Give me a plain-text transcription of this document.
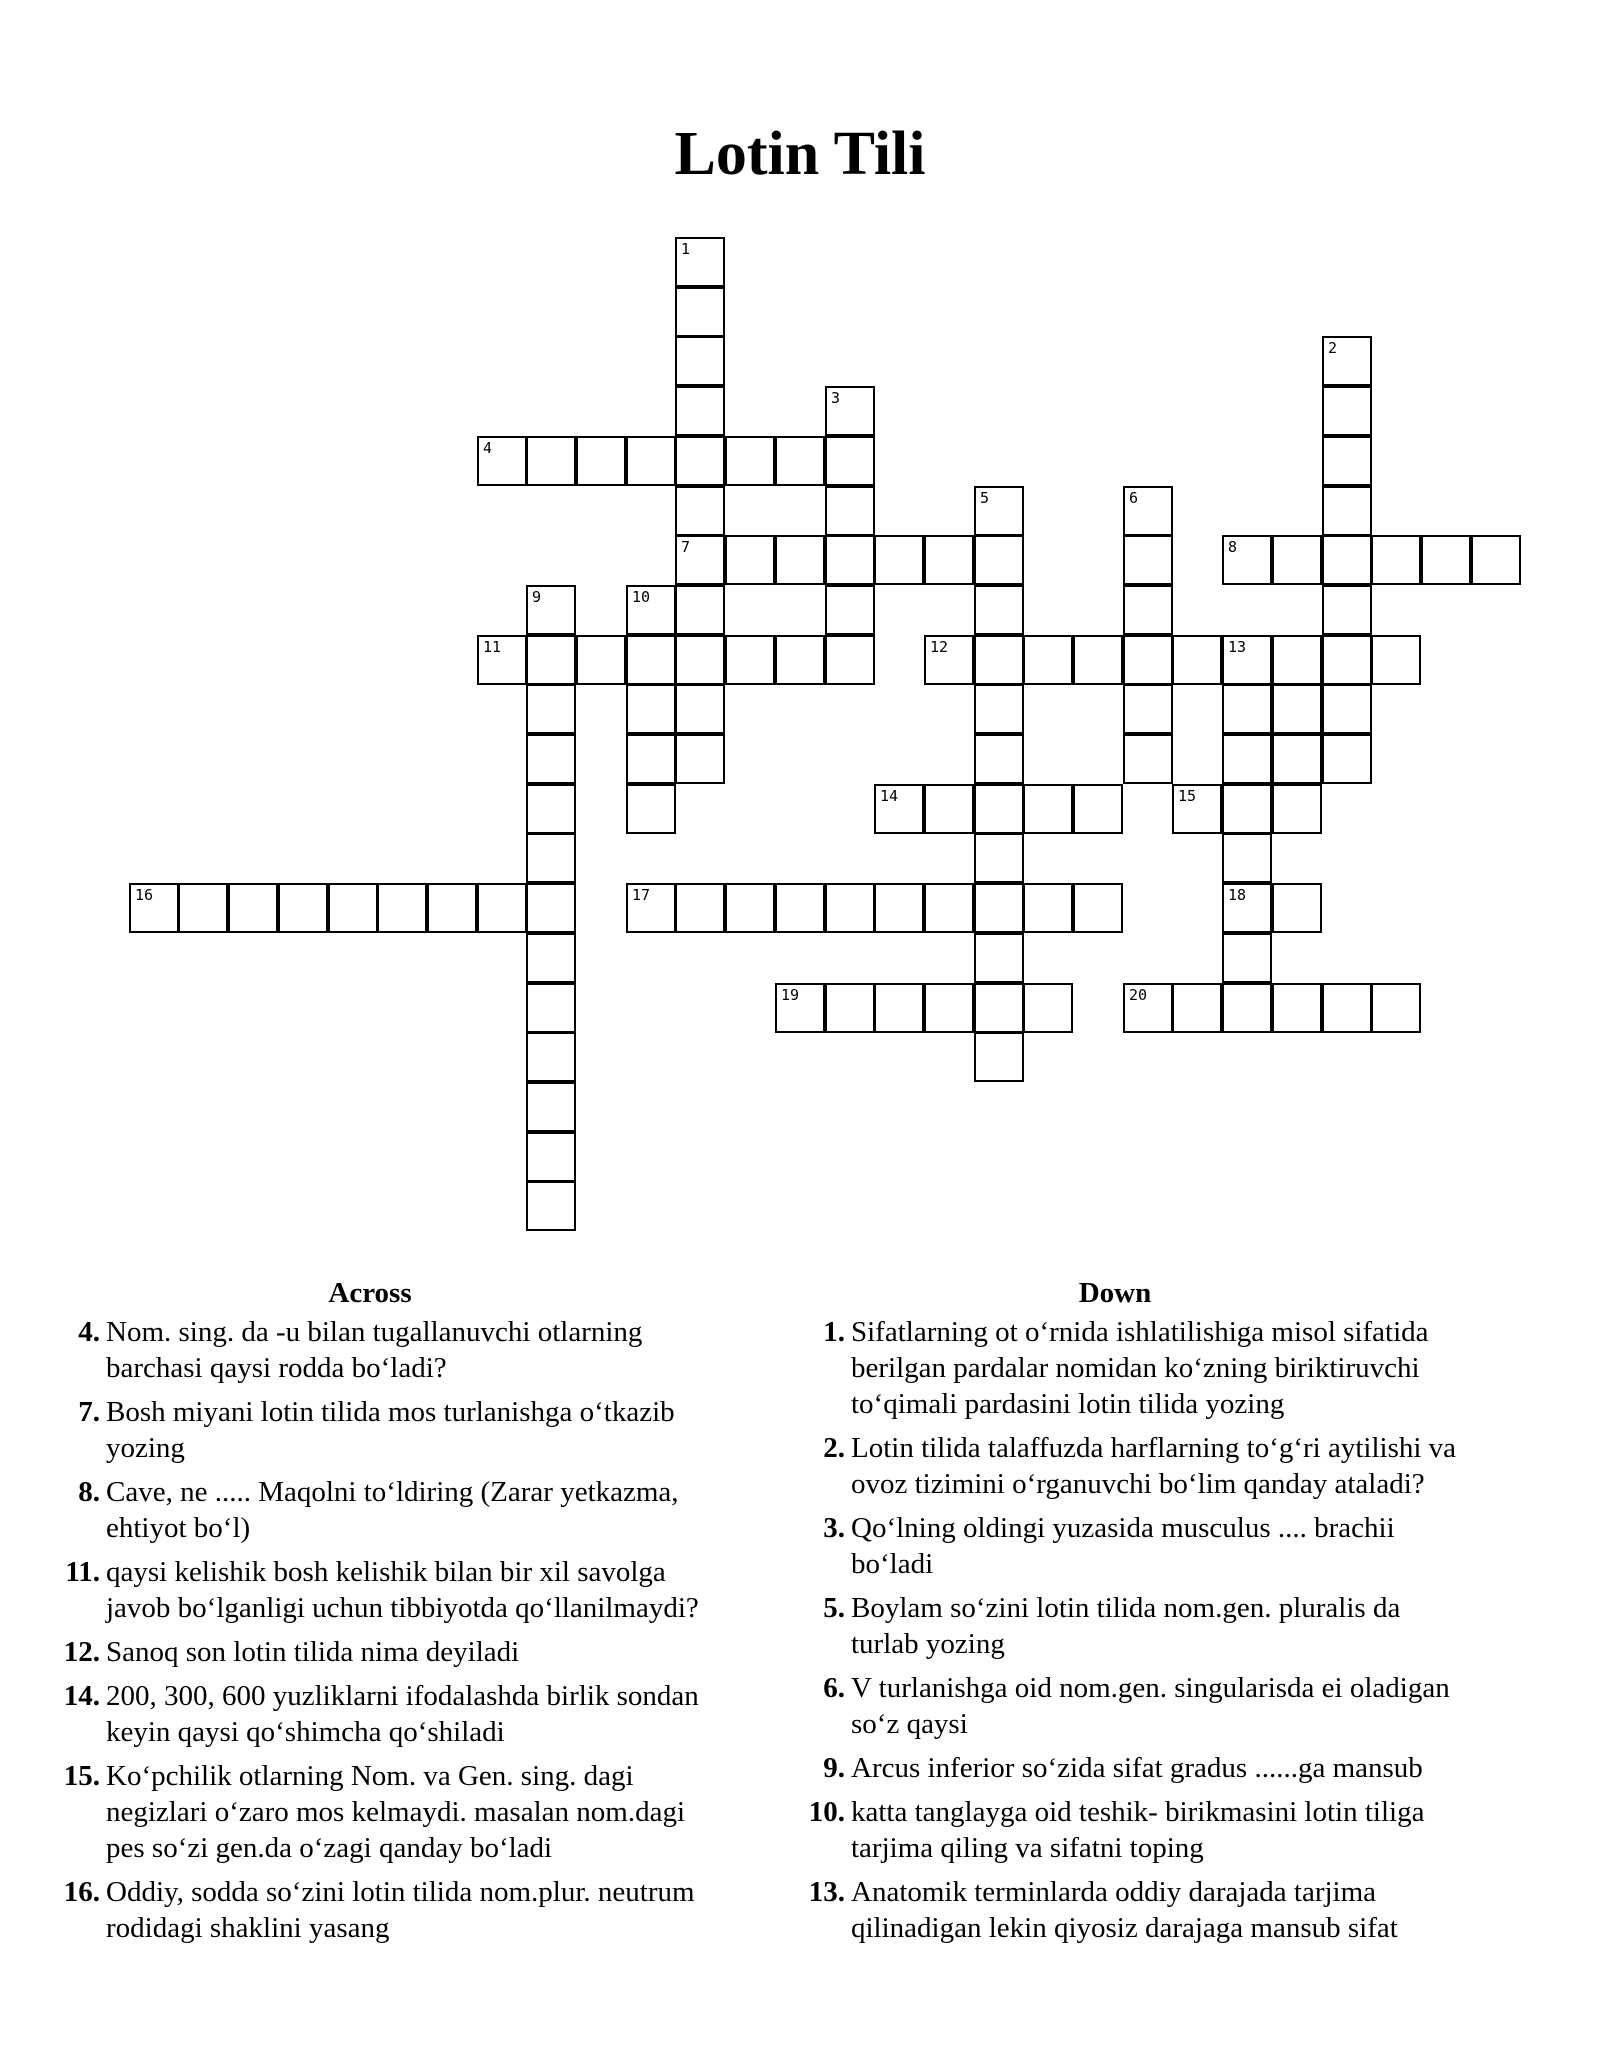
Lotin Tili
1
4
2
3
5	6
7	8
9	10
11	12	13
14	15
16	17	18
19	20
Across
4. Nom. sing. da -u bilan tugallanuvchi otlarning barchasi qaysi rodda boʻladi?
7. Bosh miyani lotin tilida mos turlanishga oʻtkazib yozing
8. Cave, ne ..... Maqolni toʻldiring (Zarar yetkazma, ehtiyot boʻl)
11. qaysi kelishik bosh kelishik bilan bir xil savolga javob boʻlganligi uchun tibbiyotda qoʻllanilmaydi?
12. Sanoq son lotin tilida nima deyiladi
14. 200, 300, 600 yuzliklarni ifodalashda birlik sondan keyin qaysi qoʻshimcha qoʻshiladi
15. Koʻpchilik otlarning Nom. va Gen. sing. dagi negizlari oʻzaro mos kelmaydi. masalan nom.dagi pes soʻzi gen.da oʻzagi qanday boʻladi
16. Oddiy, sodda soʻzini lotin tilida nom.plur. neutrum rodidagi shaklini yasang
Down
1. Sifatlarning ot oʻrnida ishlatilishiga misol sifatida berilgan pardalar nomidan koʻzning biriktiruvchi toʻqimali pardasini lotin tilida yozing
2. Lotin tilida talaffuzda harflarning toʻgʻri aytilishi va ovoz tizimini oʻrganuvchi boʻlim qanday ataladi?
3. Qoʻlning oldingi yuzasida musculus .... brachii boʻladi
5. Boylam soʻzini lotin tilida nom.gen. pluralis da turlab yozing
6. V turlanishga oid nom.gen. singularisda ei oladigan soʻz qaysi
9. Arcus inferior soʻzida sifat gradus ......ga mansub
10. katta tanglayga oid teshik- birikmasini lotin tiliga tarjima qiling va sifatni toping
13. Anatomik terminlarda oddiy darajada tarjima qilinadigan lekin qiyosiz darajaga mansub sifat
